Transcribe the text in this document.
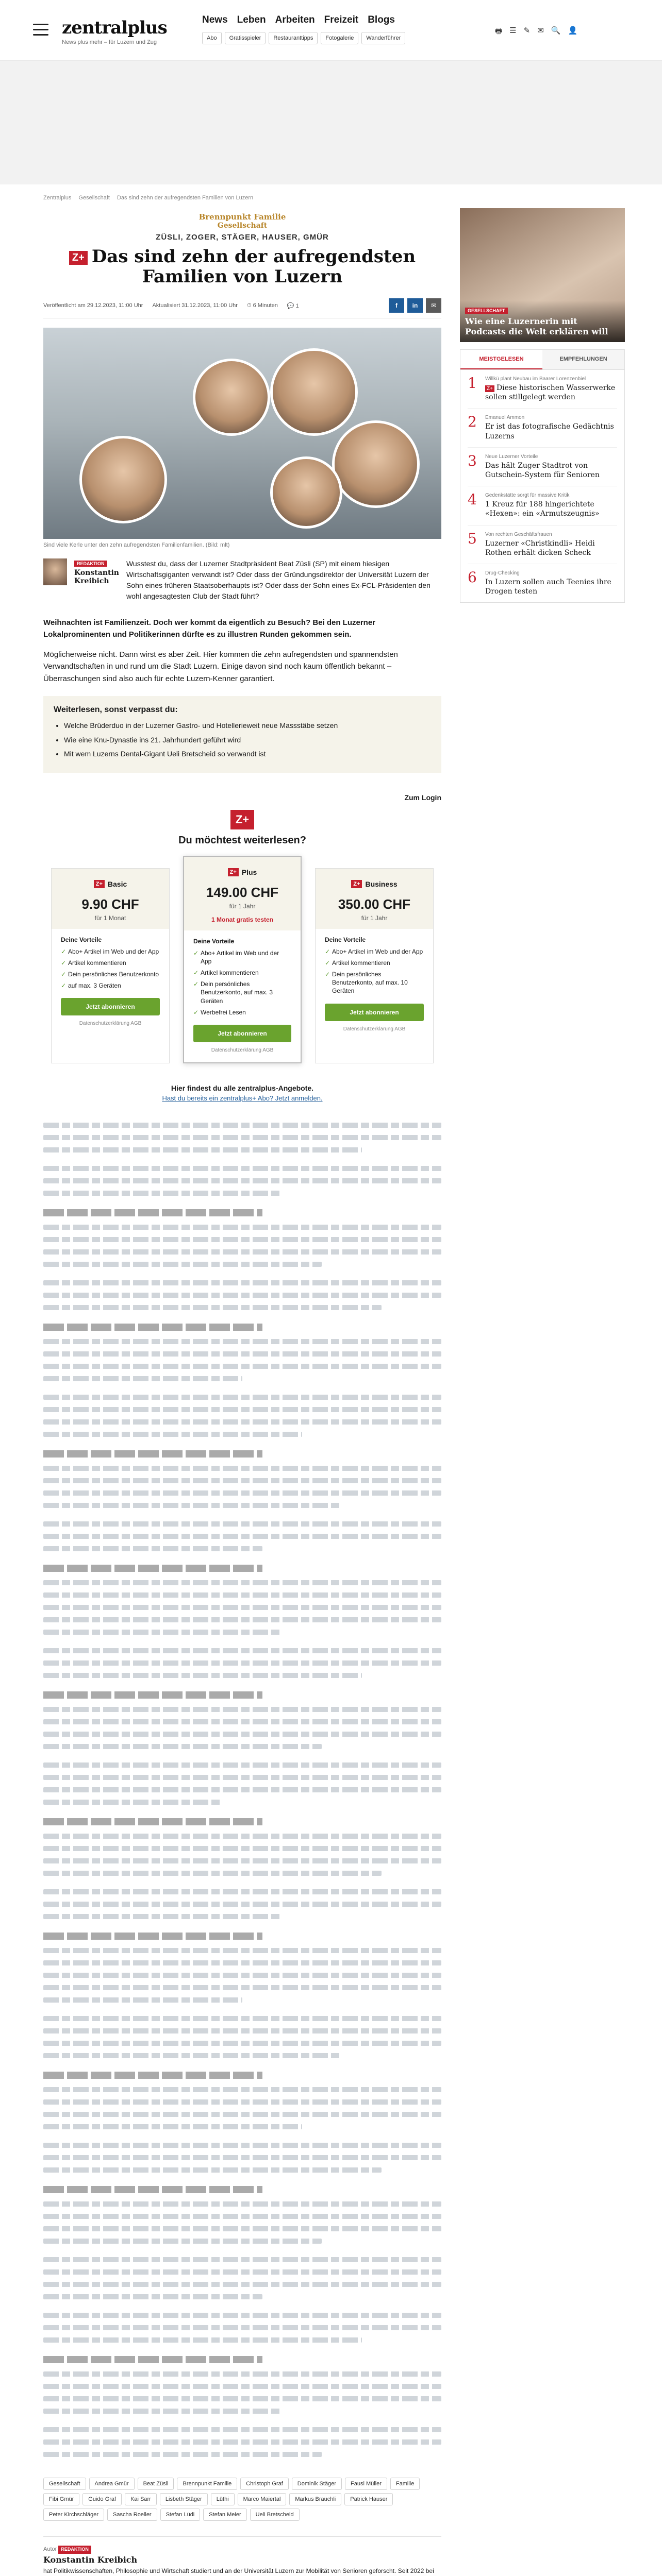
zentralplus
News plus mehr – für Luzern und Zug
News Leben Arbeiten Freizeit Blogs
Abo	Gratisspieler	Restauranttipps	Fotogalerie	Wanderführer
🖶 ☰ ✎ ✉ 🔍 👤
Zentralplus Gesellschaft Das sind zehn der aufregendsten Familien von Luzern
Brennpunkt Familie
Gesellschaft
ZÜSLI, ZOGER, STÄGER, HAUSER, GMÜR
Z+ Das sind zehn der aufregendsten Familien von Luzern
Veröffentlicht am 29.12.2023, 11:00 Uhr Aktualisiert 31.12.2023, 11:00 Uhr ⏱ 6 Minuten 💬 1	f	in	✉
Sind viele Kerle unter den zehn aufregendsten Familienfamilien. (Bild: mlt)
REDAKTION
Konstantin Kreibich

Wusstest du, dass der Luzerner Stadtpräsident Beat Züsli (SP) mit einem hiesigen Wirtschaftsgiganten verwandt ist? Oder dass der Gründungsdirektor der Universität Luzern der Sohn eines früheren Staatsoberhaupts ist? Oder dass der Sohn eines Ex-FCL-Präsidenten den wohl angesagtesten Club der Stadt führt?

Weihnachten ist Familienzeit. Doch wer kommt da eigentlich zu Besuch? Bei den Luzerner Lokalprominenten und Politikerinnen dürfte es zu illustren Runden gekommen sein.

Möglicherweise nicht. Dann wirst es aber Zeit. Hier kommen die zehn aufregendsten und spannendsten Verwandtschaften in und rund um die Stadt Luzern. Einige davon sind noch kaum öffentlich bekannt – Überraschungen sind also auch für echte Luzern-Kenner garantiert.

Weiterlesen, sonst verpasst du:
• Welche Brüderduo in der Luzerner Gastro- und Hotellerieweit neue Massstäbe setzen
• Wie eine Knu-Dynastie ins 21. Jahrhundert geführt wird
• Mit wem Luzerns Dental-Gigant Ueli Bretscheid so verwandt ist
Zum Login
Z+
Du möchtest weiterlesen?
Z+ Basic
9.90 CHF
für 1 Monat
Deine Vorteile
✓ Abo+ Artikel im Web und der App
✓ Artikel kommentieren
✓ Dein persönliches Benutzerkonto
✓ auf max. 3 Geräten
Jetzt abonnieren
Datenschutzerklärung AGB
Z+ Plus
149.00 CHF
für 1 Jahr
1 Monat gratis testen
Deine Vorteile
✓ Abo+ Artikel im Web und der App
✓ Artikel kommentieren
✓ Dein persönliches Benutzerkonto, auf max. 3 Geräten
✓ Werbefrei Lesen
Jetzt abonnieren
Datenschutzerklärung AGB
Z+ Business
350.00 CHF
für 1 Jahr
Deine Vorteile
✓ Abo+ Artikel im Web und der App
✓ Artikel kommentieren
✓ Dein persönliches Benutzerkonto, auf max. 10 Geräten
Jetzt abonnieren
Datenschutzerklärung AGB
Hier findest du alle zentralplus-Angebote.
Hast du bereits ein zentralplus+ Abo? Jetzt anmelden.
Gesellschaft	Andrea Gmür	Beat Züsli	Brennpunkt Familie	Christoph Graf	Dominik Stäger	Fausi Müller	Familie
Fibi Gmür	Guido Graf	Kai Sarr	Lisbeth Stäger	Lüthi	Marco Maiertal	Markus Brauchli	Patrick Hauser
Peter Kirchschläger	Sascha Roeller	Stefan Lüdi	Stefan Meier	Ueli Bretscheid
Autor REDAKTION
Konstantin Kreibich

hat Politikwissenschaften, Philosophie und Wirtschaft studiert und an der Universität Luzern zur Mobilität von Senioren geforscht. Seit 2022 bei

GESELLSCHAFT
Wie eine Luzernerin mit Podcasts die Welt erklären will
MEISTGELESEN	EMPFEHLUNGEN
1	Willkü plant Neubau im Baarer Lorenzenbiel
Z+ Diese historischen Wasserwerke sollen stillgelegt werden
2	Emanuel Ammon
Er ist das fotografische Gedächtnis Luzerns
3	Neue Luzerner Vorteile
Das hält Zuger Stadtrot von Gutschein-System für Senioren
4	Gedenkstätte sorgt für massive Kritik
1 Kreuz für 188 hingerichtete «Hexen»: ein «Armutszeugnis»
5	Von rechten Geschäftsfrauen
Luzerner «Christkindli» Heidi Rothen erhält dicken Scheck
6	Drug-Checking
In Luzern sollen auch Teenies ihre Drogen testen
